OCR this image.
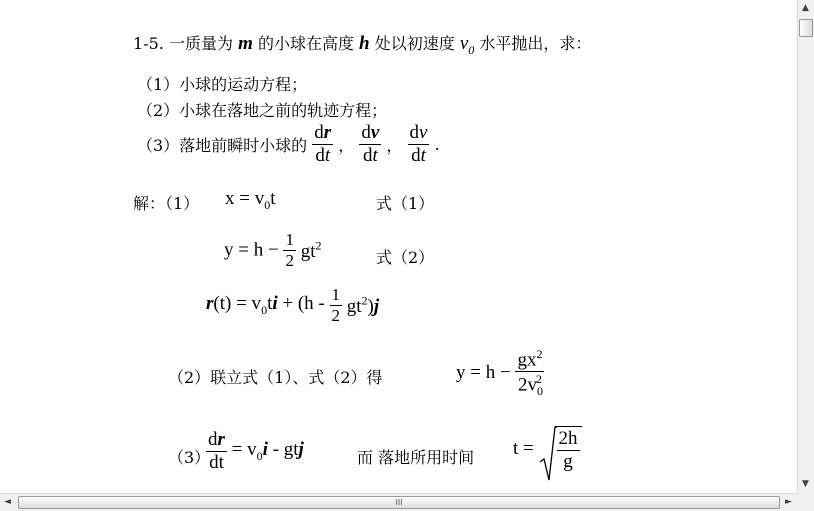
1-5. 一质量为 m 的小球在高度 h 处以初速度 $v_0$ 水平抛出，求：
（1）小球的运动方程；
（2）小球在落地之前的轨迹方程；
（3）落地前瞬时小球的 $\frac{dr}{dt}$ ， $\frac{dv}{dt}$ ， $\frac{dv}{dt}$ .
解：（1） $x = v_0t$	式（1）
$y = h - \frac{1}{2} gt^2$
式（2）
$r(t) = v_0ti + (h - \frac{1}{2} gt^2)j$
（2）联立式（1）、式（2）得	$y = h - \frac{gx^2}{2v_0^2}$
（3）
$\frac{dr}{dt} = v_0i$ - gtj	而 落地所用时间 $t = \frac{2h}{g}$
▲
▼
◄	III	►
